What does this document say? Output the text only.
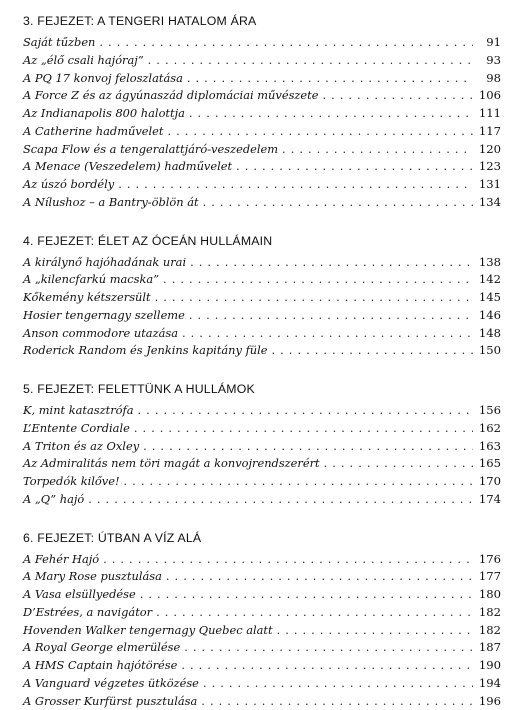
3. FEJEZET: A TENGERI HATALOM ÁRA
Saját tűzben . . .	91
Az „élő csali hajóraj” . . .	93
A PQ 17 konvoj feloszlatása . . .	98
A Force Z és az ágyúnaszád diplomáciai művészete . . .	106
Az Indianapolis 800 halottja . . .	111
A Catherine hadművelet . . .	117
Scapa Flow és a tengeralattjáró-veszedelem . . .	120
A Menace (Veszedelem) hadművelet . . .	123
Az úszó bordély . . .	131
A Nílushoz – a Bantry-öblön át . . .	134
4. FEJEZET: ÉLET AZ ÓCEÁN HULLÁMAIN
A királynő hajóhadának urai . . .	138
A „kilencfarkú macska” . . .	142
Kőkemény kétszersült . . .	145
Hosier tengernagy szelleme . . .	146
Anson commodore utazása . . .	148
Roderick Random és Jenkins kapitány füle . . .	150
5. FEJEZET: FELETTÜNK A HULLÁMOK
K, mint katasztrófa . . .	156
L’Entente Cordiale . . .	162
A Triton és az Oxley . . .	163
Az Admiralitás nem töri magát a konvojrendszerért . . .	165
Torpedók kilőve! . . .	170
A „Q” hajó . . .	174
6. FEJEZET: ÚTBAN A VÍZ ALÁ
A Fehér Hajó . . .	176
A Mary Rose pusztulása . . .	177
A Vasa elsüllyedése . . .	180
D’Estrées, a navigátor . . .	182
Hovenden Walker tengernagy Quebec alatt . . .	182
A Royal George elmerülése . . .	187
A HMS Captain hajótörése . . .	190
A Vanguard végzetes ütközése . . .	194
A Grosser Kurfürst pusztulása . . .	196
